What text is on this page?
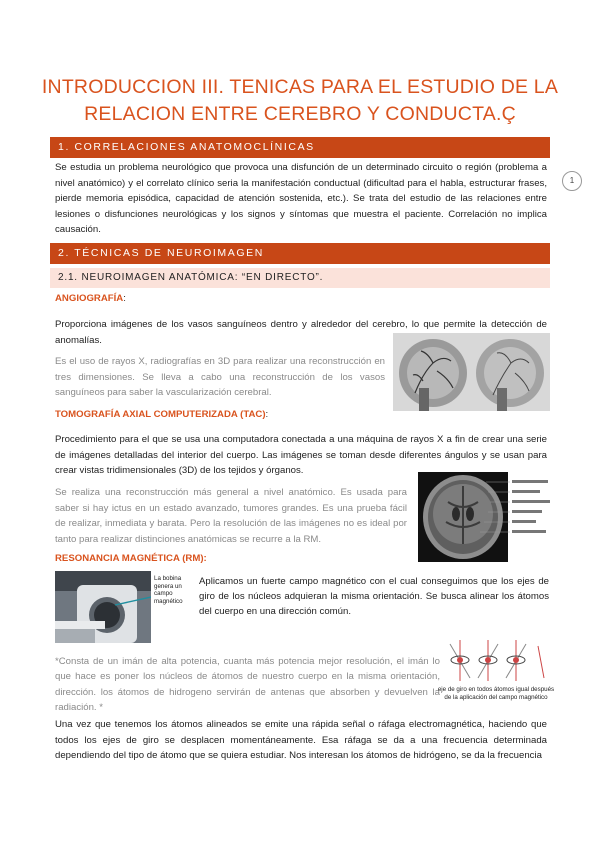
INTRODUCCION III. TENICAS PARA EL ESTUDIO DE LA
RELACION ENTRE CEREBRO Y CONDUCTA.Ç
1. CORRELACIONES ANATOMOCLÍNICAS
Se estudia un problema neurológico que provoca una disfunción de un determinado circuito o región (problema a nivel anatómico) y el correlato clínico seria la manifestación conductual (dificultad para el habla, estructurar frases, pierde memoria episódica, capacidad de atención sostenida, etc.). Se trata del estudio de las relaciones entre lesiones o disfunciones neurológicas y los signos y síntomas que muestra el paciente. Correlación no implica causación.
1
2. TÉCNICAS DE NEUROIMAGEN
2.1. NEUROIMAGEN ANATÓMICA: “EN DIRECTO”.
ANGIOGRAFÍA:
Proporciona imágenes de los vasos sanguíneos dentro y alrededor del cerebro, lo que permite la detección de anomalías.
Es el uso de rayos X, radiografías en 3D para realizar una reconstrucción en tres dimensiones. Se lleva a cabo una reconstrucción de los vasos sanguíneos para saber la vascularización cerebral.
TOMOGRAFÍA AXIAL COMPUTERIZADA (TAC):
Procedimiento para el que se usa una computadora conectada a una máquina de rayos X a fin de crear una serie de imágenes detalladas del interior del cuerpo. Las imágenes se toman desde diferentes ángulos y se usan para crear vistas tridimensionales (3D) de los tejidos y órganos.
Se realiza una reconstrucción más general a nivel anatómico. Es usada para saber si hay ictus en un estado avanzado, tumores grandes. Es una prueba fácil de realizar, inmediata y barata. Pero la resolución de las imágenes no es ideal por tanto para realizar distinciones anatómicas se recurre a la RM.
RESONANCIA MAGNÉTICA (RM):
La bobina genera un campo magnético
Aplicamos un fuerte campo magnético con el cual conseguimos que los ejes de giro de los núcleos adquieran la misma orientación. Se busca alinear los átomos del cuerpo en una dirección común.
*Consta de un imán de alta potencia, cuanta más potencia mejor resolución, el imán lo que hace es poner los núcleos de átomos de nuestro cuerpo en la misma orientación, dirección. los átomos de hidrogeno servirán de antenas que absorben y devuelven la radiación. *
eje de giro en todos átomos igual después de la aplicación del campo magnético
Una vez que tenemos los átomos alineados se emite una rápida señal o ráfaga electromagnética, haciendo que todos los ejes de giro se desplacen momentáneamente. Esa ráfaga se da a una frecuencia determinada dependiendo del tipo de átomo que se quiera estudiar. Nos interesan los átomos de hidrógeno, se da la frecuencia
